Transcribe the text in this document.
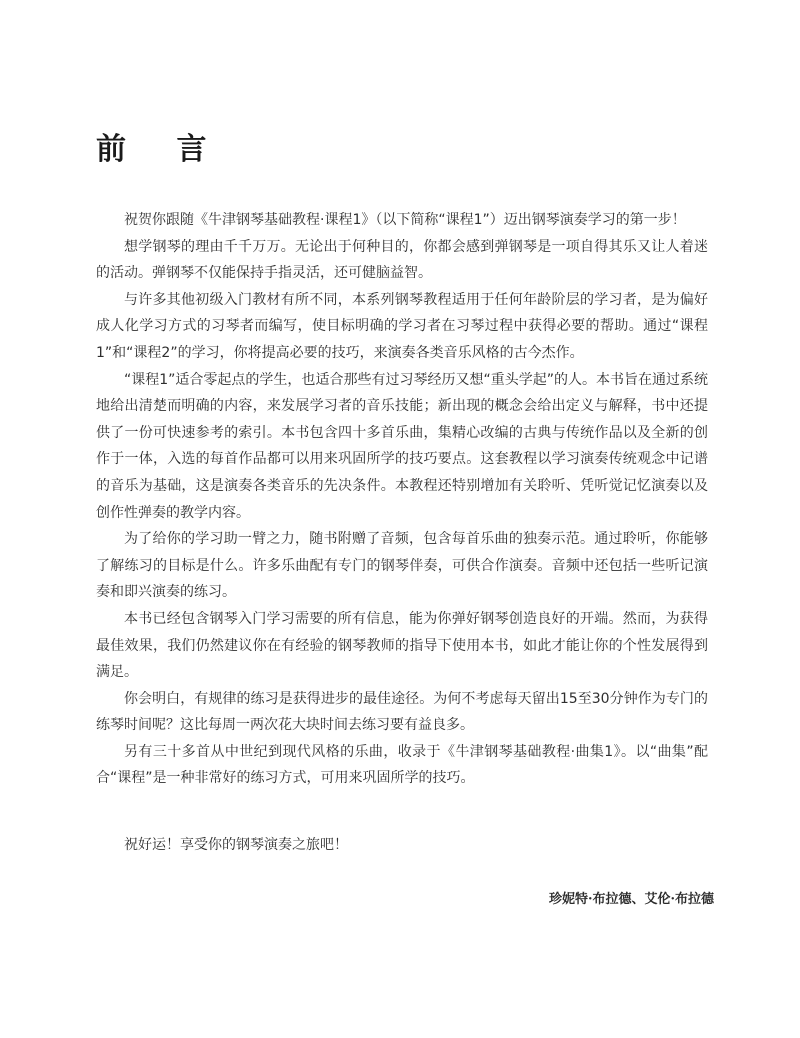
前 言

祝贺你跟随《牛津钢琴基础教程·课程1》（以下简称“课程1”）迈出钢琴演奏学习的第一步！

想学钢琴的理由千千万万。无论出于何种目的，你都会感到弹钢琴是一项自得其乐又让人着迷的活动。弹钢琴不仅能保持手指灵活，还可健脑益智。

与许多其他初级入门教材有所不同，本系列钢琴教程适用于任何年龄阶层的学习者，是为偏好成人化学习方式的习琴者而编写，使目标明确的学习者在习琴过程中获得必要的帮助。通过“课程1”和“课程2”的学习，你将提高必要的技巧，来演奏各类音乐风格的古今杰作。

“课程1”适合零起点的学生，也适合那些有过习琴经历又想“重头学起”的人。本书旨在通过系统地给出清楚而明确的内容，来发展学习者的音乐技能；新出现的概念会给出定义与解释，书中还提供了一份可快速参考的索引。本书包含四十多首乐曲，集精心改编的古典与传统作品以及全新的创作于一体，入选的每首作品都可以用来巩固所学的技巧要点。这套教程以学习演奏传统观念中记谱的音乐为基础，这是演奏各类音乐的先决条件。本教程还特别增加有关聆听、凭听觉记忆演奏以及创作性弹奏的教学内容。

为了给你的学习助一臂之力，随书附赠了音频，包含每首乐曲的独奏示范。通过聆听，你能够了解练习的目标是什么。许多乐曲配有专门的钢琴伴奏，可供合作演奏。音频中还包括一些听记演奏和即兴演奏的练习。

本书已经包含钢琴入门学习需要的所有信息，能为你弹好钢琴创造良好的开端。然而，为获得最佳效果，我们仍然建议你在有经验的钢琴教师的指导下使用本书，如此才能让你的个性发展得到满足。

你会明白，有规律的练习是获得进步的最佳途径。为何不考虑每天留出15至30分钟作为专门的练琴时间呢？这比每周一两次花大块时间去练习要有益良多。

另有三十多首从中世纪到现代风格的乐曲，收录于《牛津钢琴基础教程·曲集1》。以“曲集”配合“课程”是一种非常好的练习方式，可用来巩固所学的技巧。

祝好运！享受你的钢琴演奏之旅吧！

珍妮特·布拉德、艾伦·布拉德
